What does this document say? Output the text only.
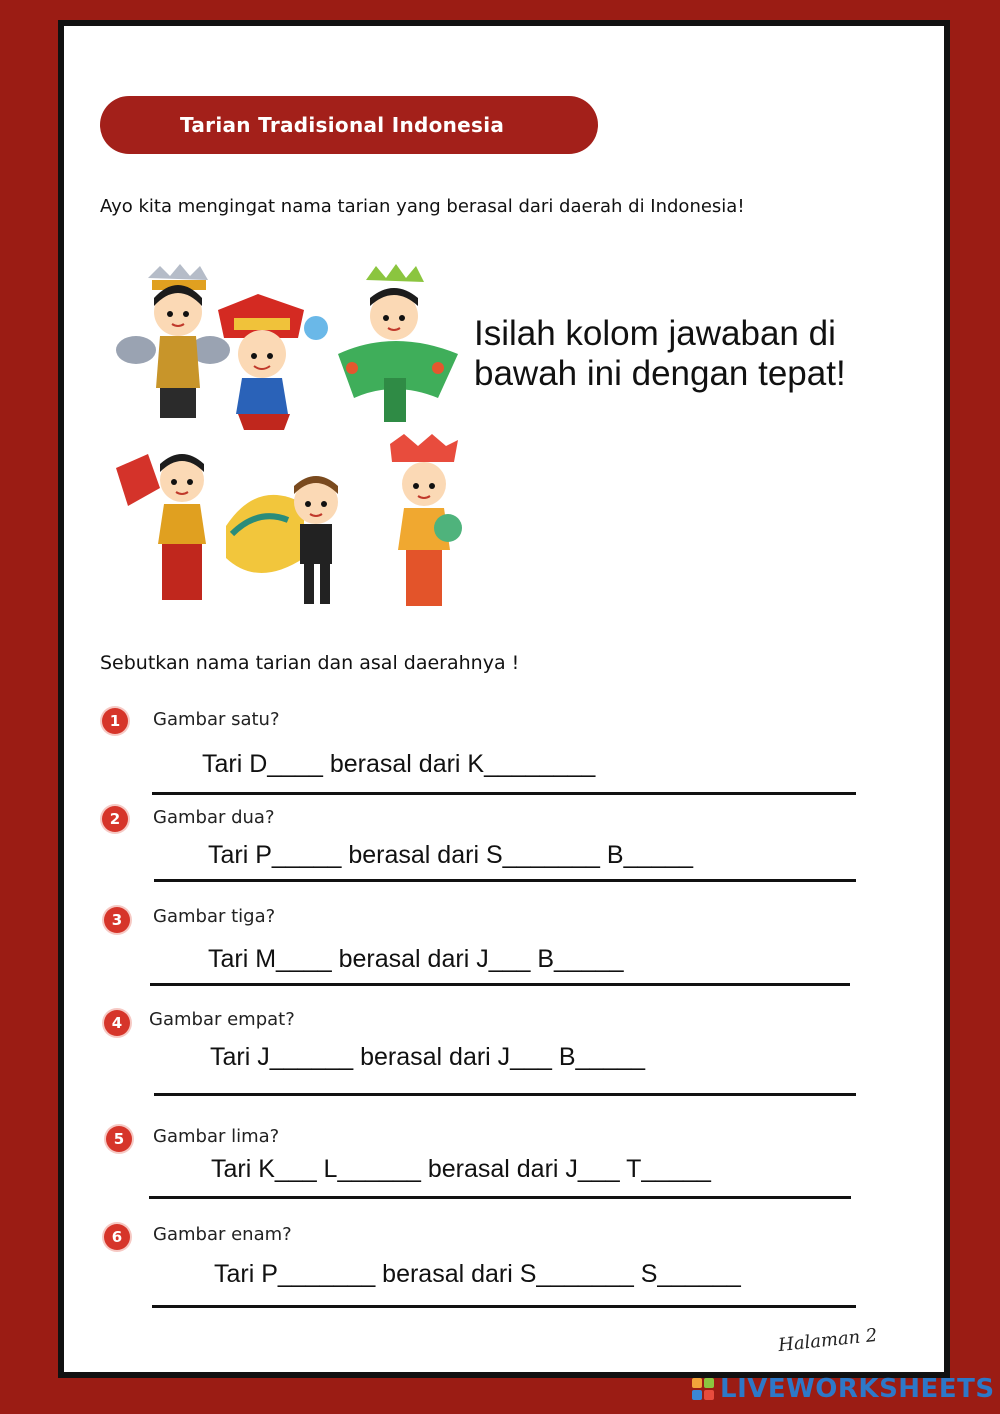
Tarian Tradisional Indonesia
Ayo kita mengingat nama tarian yang berasal dari daerah di Indonesia!
Isilah kolom jawaban di bawah ini dengan tepat!
Sebutkan nama tarian dan asal daerahnya !
1	Gambar satu?
Tari D____ berasal dari K________
2	Gambar dua?
Tari P_____ berasal dari S_______ B_____
3	Gambar tiga?
Tari M____ berasal dari J___ B_____
4	Gambar empat?
Tari J______ berasal dari J___ B_____
5	Gambar lima?
Tari K___ L______ berasal dari J___ T_____
6	Gambar enam?
Tari P_______ berasal dari S_______ S______
Halaman 2
LIVEWORKSHEETS
